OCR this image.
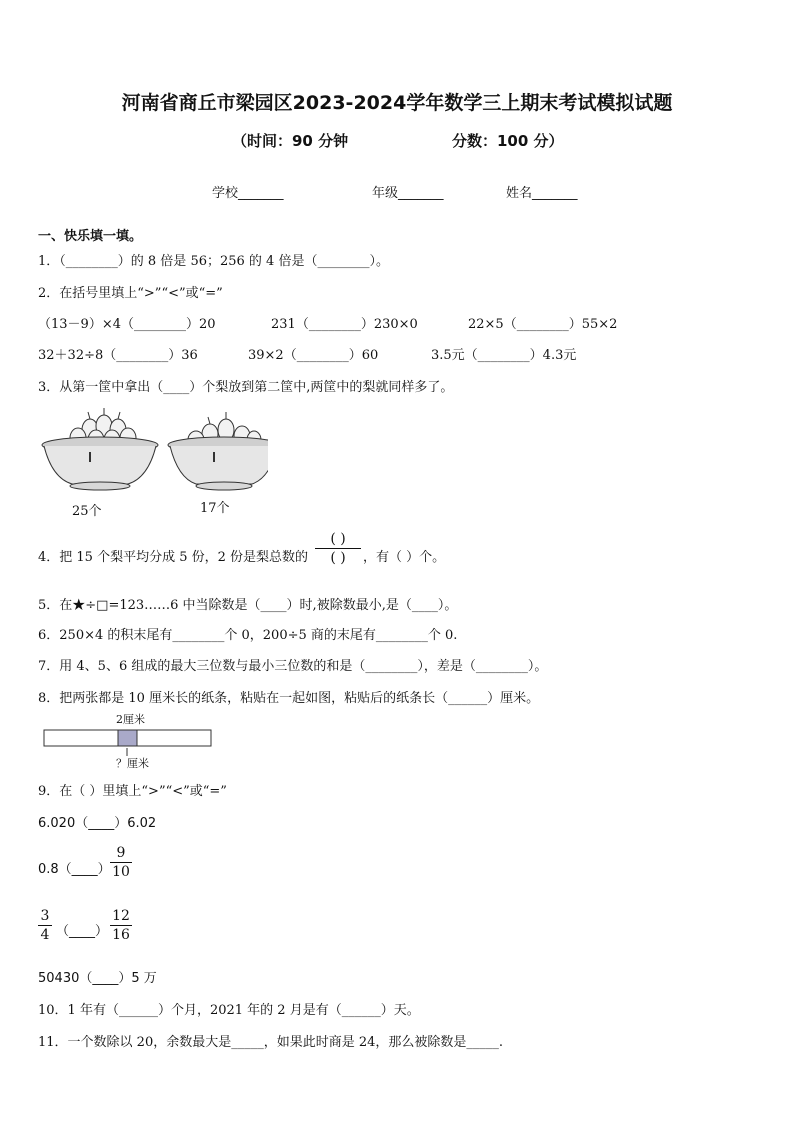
河南省商丘市梁园区2023-2024学年数学三上期末考试模拟试题
（时间：90 分钟	分数：100 分）
学校_______	年级_______	姓名_______
一、快乐填一填。
1．（________）的 8 倍是 56；256 的 4 倍是（________）。
2．在括号里填上“>”“<”或“=”
（13－9）×4（________）20	231（________）230×0	22×5（________）55×2
32＋32÷8（________）36	39×2（________）60	3.5元（________）4.3元
3．从第一筐中拿出（____）个梨放到第二筐中,两筐中的梨就同样多了。
25个	17个
4．把 15 个梨平均分成 5 份，2 份是梨总数的
( )
( )	，有（ ）个。
5．在★÷□=123……6 中当除数是（____）时,被除数最小,是（____）。
6．250×4 的积末尾有________个 0，200÷5 商的末尾有________个 0.
7．用 4、5、6 组成的最大三位数与最小三位数的和是（________），差是（________）。
8．把两张都是 10 厘米长的纸条，粘贴在一起如图，粘贴后的纸条长（______）厘米。
2厘米
？厘米
9．在（ ）里填上“>”“<”或“=”
6.020（____）6.02
0.8（____）
9
10
3
4 （____）
12
16
50430（____）5 万
10．1 年有（______）个月，2021 年的 2 月是有（______）天。
11．一个数除以 20，余数最大是_____，如果此时商是 24，那么被除数是_____.
